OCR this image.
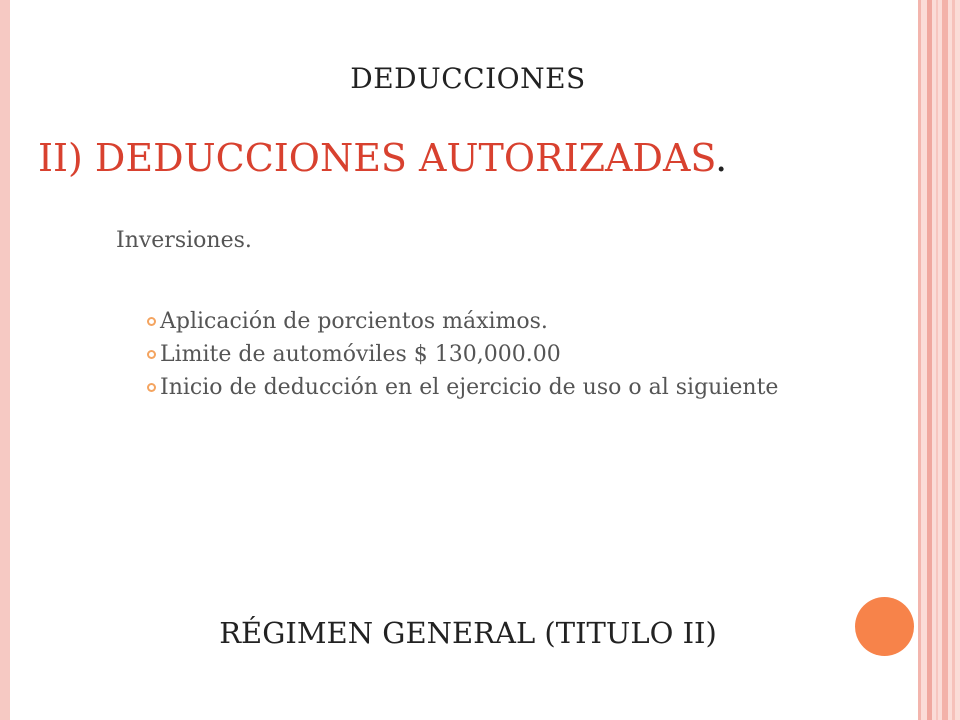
DEDUCCIONES
II) DEDUCCIONES AUTORIZADAS.
Inversiones.
Aplicación de porcientos máximos.
Limite de automóviles $ 130,000.00
Inicio de deducción en el ejercicio de uso o al siguiente
RÉGIMEN GENERAL (TITULO II)
